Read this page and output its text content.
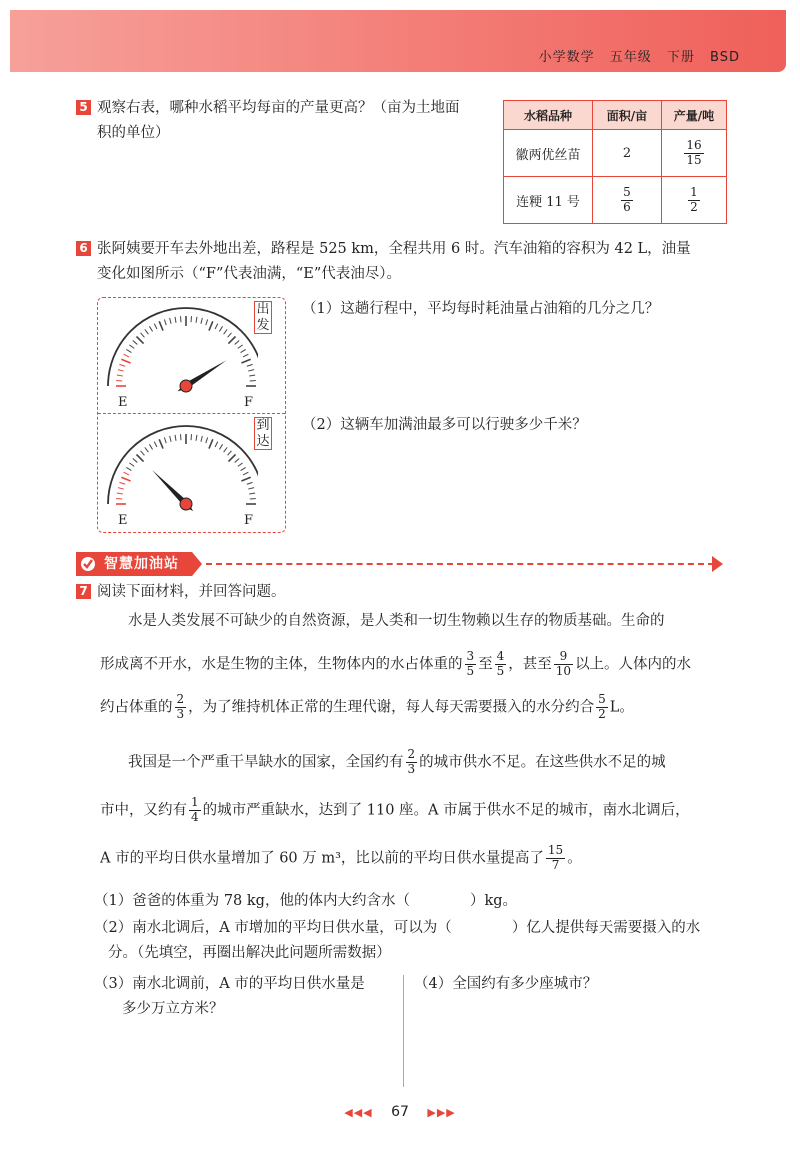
小学数学 五年级 下册 BSD
5 观察右表，哪种水稻平均每亩的产量更高？（亩为土地面
积的单位）
水稻品种	面积/亩	产量/吨
徽两优丝苗	2	$\frac{16}{15}$

连粳 11 号	$\frac{5}{6}$	$\frac{1}{2}$
6 张阿姨要开车去外地出差，路程是 525 km，全程共用 6 时。汽车油箱的容积为 42 L，油量
变化如图所示（“F”代表油满，“E”代表油尽）。
E	F
E	F
出发
到达
（1）这趟行程中，平均每时耗油量占油箱的几分之几？
（2）这辆车加满油最多可以行驶多少千米？
智慧加油站
7 阅读下面材料，并回答问题。
水是人类发展不可缺少的自然资源，是人类和一切生物赖以生存的物质基础。生命的
形成离不开水，水是生物的主体，生物体内的水占体重的 $\frac{3}{5}$ 至 $\frac{4}{5}$ ，甚至 $\frac{9}{10}$ 以上。人体内的水
约占体重的 $\frac{2}{3}$ ，为了维持机体正常的生理代谢，每人每天需要摄入的水分约合 $\frac{5}{2}$ L。
我国是一个严重干旱缺水的国家，全国约有 $\frac{2}{3}$ 的城市供水不足。在这些供水不足的城
市中，又约有 $\frac{1}{4}$ 的城市严重缺水，达到了 110 座。A 市属于供水不足的城市，南水北调后，
A 市的平均日供水量增加了 60 万 m³，比以前的平均日供水量提高了 $\frac{15}{7}$ 。
（1）爸爸的体重为 78 kg，他的体内大约含水（	）kg。
（2）南水北调后，A 市增加的平均日供水量，可以为（	）亿人提供每天需要摄入的水
分。（先填空，再圈出解决此问题所需数据）
（3）南水北调前，A 市的平均日供水量是
多少万立方米？
（4）全国约有多少座城市？
◀◀◀ 67 ▶▶▶
